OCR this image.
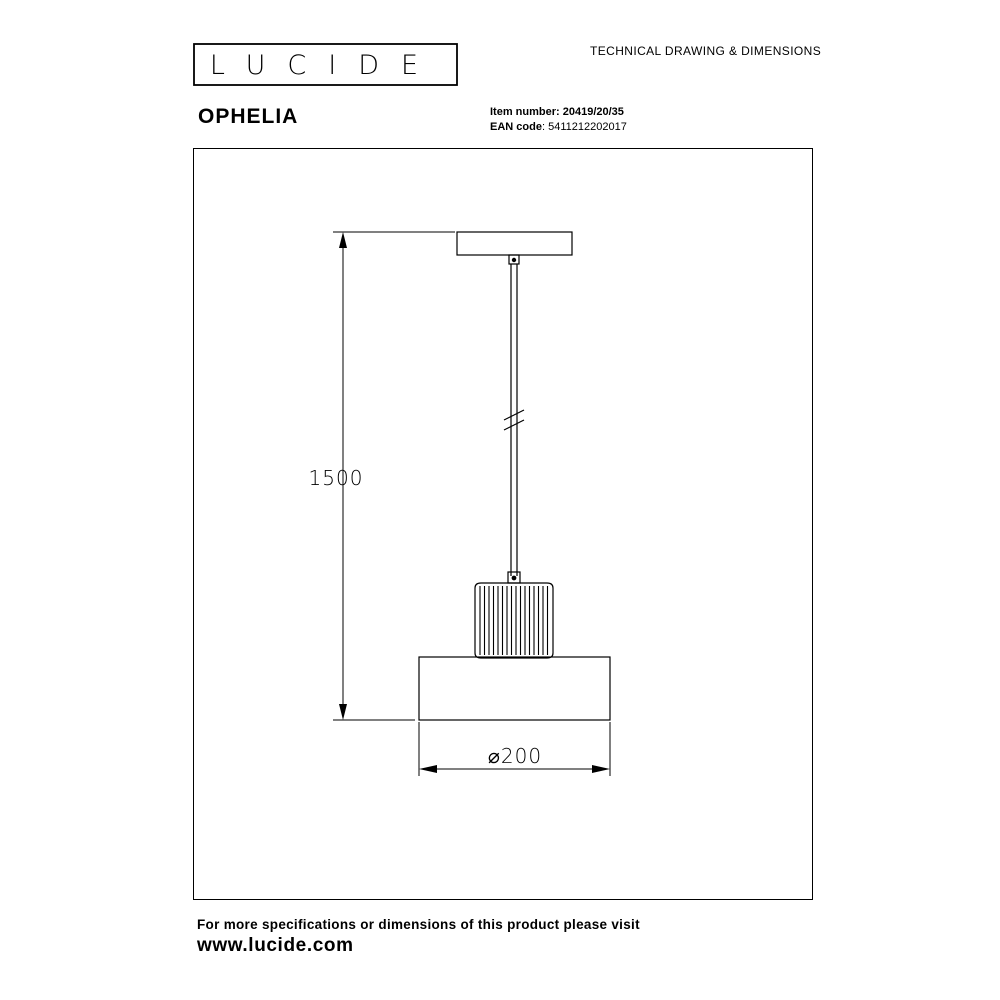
LUCIDE	TECHNICAL DRAWING & DIMENSIONS
OPHELIA	Item number: 20419/20/35
EAN code: 5411212202017
1500
⌀200
For more specifications or dimensions of this product please visit
www.lucide.com
